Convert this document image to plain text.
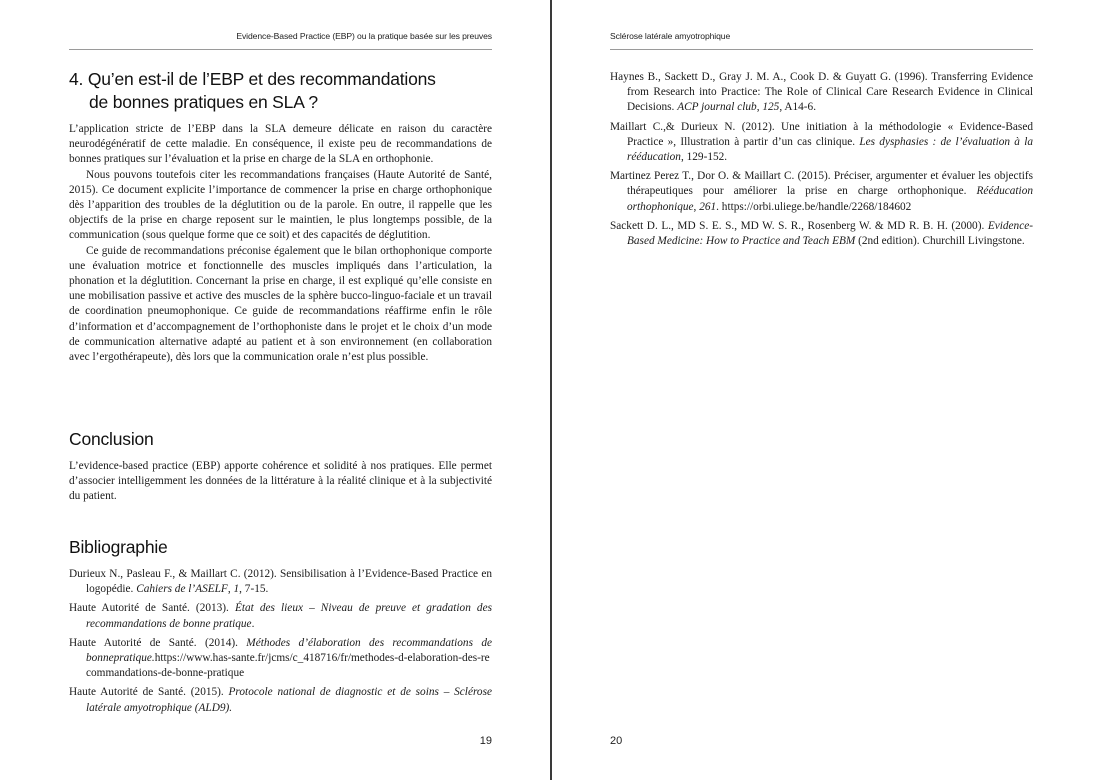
Evidence-Based Practice (EBP) ou la pratique basée sur les preuves
4. Qu’en est-il de l’EBP et des recommandations
de bonnes pratiques en SLA ?

L’application stricte de l’EBP dans la SLA demeure délicate en raison du caractère neurodégénératif de cette maladie. En conséquence, il existe peu de recommandations de bonnes pratiques sur l’évaluation et la prise en charge de la SLA en orthophonie.

Nous pouvons toutefois citer les recommandations françaises (Haute Autorité de Santé, 2015). Ce document explicite l’importance de commencer la prise en charge orthophonique dès l’apparition des troubles de la déglutition ou de la parole. En outre, il rappelle que les objectifs de la prise en charge reposent sur le maintien, le plus longtemps possible, de la communication (sous quelque forme que ce soit) et des capacités de déglutition.

Ce guide de recommandations préconise également que le bilan orthophonique comporte une évaluation motrice et fonctionnelle des muscles impliqués dans l’articulation, la phonation et la déglutition. Concernant la prise en charge, il est expliqué qu’elle consiste en une mobilisation passive et active des muscles de la sphère bucco-linguo-faciale et un travail de coordination pneumophonique. Ce guide de recommandations réaffirme enfin le rôle d’information et d’accompagnement de l’orthophoniste dans le projet et le choix d’un mode de communication alternative adapté au patient et à son environnement (en collaboration avec l’ergothérapeute), dès lors que la communication orale n’est plus possible.

Conclusion

L’evidence-based practice (EBP) apporte cohérence et solidité à nos pratiques. Elle permet d’associer intelligemment les données de la littérature à la réalité clinique et à la subjectivité du patient.

Bibliographie

Durieux N., Pasleau F., & Maillart C. (2012). Sensibilisation à l’Evidence-Based Practice en logopédie. Cahiers de l’ASELF, 1, 7-15.

Haute Autorité de Santé. (2013). État des lieux – Niveau de preuve et gradation des recommandations de bonne pratique.

Haute Autorité de Santé. (2014). Méthodes d’élaboration des recommandations de bonnepratique.https://www.has-sante.fr/jcms/c_418716/fr/methodes-d-elaboration-des-recommandations-de-bonne-pratique

Haute Autorité de Santé. (2015). Protocole national de diagnostic et de soins – Sclérose latérale amyotrophique (ALD9).

19
Sclérose latérale amyotrophique

Haynes B., Sackett D., Gray J. M. A., Cook D. & Guyatt G. (1996). Transferring Evidence from Research into Practice: The Role of Clinical Care Research Evidence in Clinical Decisions. ACP journal club, 125, A14-6.

Maillart C.,& Durieux N. (2012). Une initiation à la méthodologie « Evidence-Based Practice », Illustration à partir d’un cas clinique. Les dysphasies : de l’évaluation à la rééducation, 129-152.

Martinez Perez T., Dor O. & Maillart C. (2015). Préciser, argumenter et évaluer les objectifs thérapeutiques pour améliorer la prise en charge orthophonique. Rééducation orthophonique, 261. https://orbi.uliege.be/handle/2268/184602

Sackett D. L., MD S. E. S., MD W. S. R., Rosenberg W. & MD R. B. H. (2000). Evidence-Based Medicine: How to Practice and Teach EBM (2nd edition). Churchill Livingstone.

20
